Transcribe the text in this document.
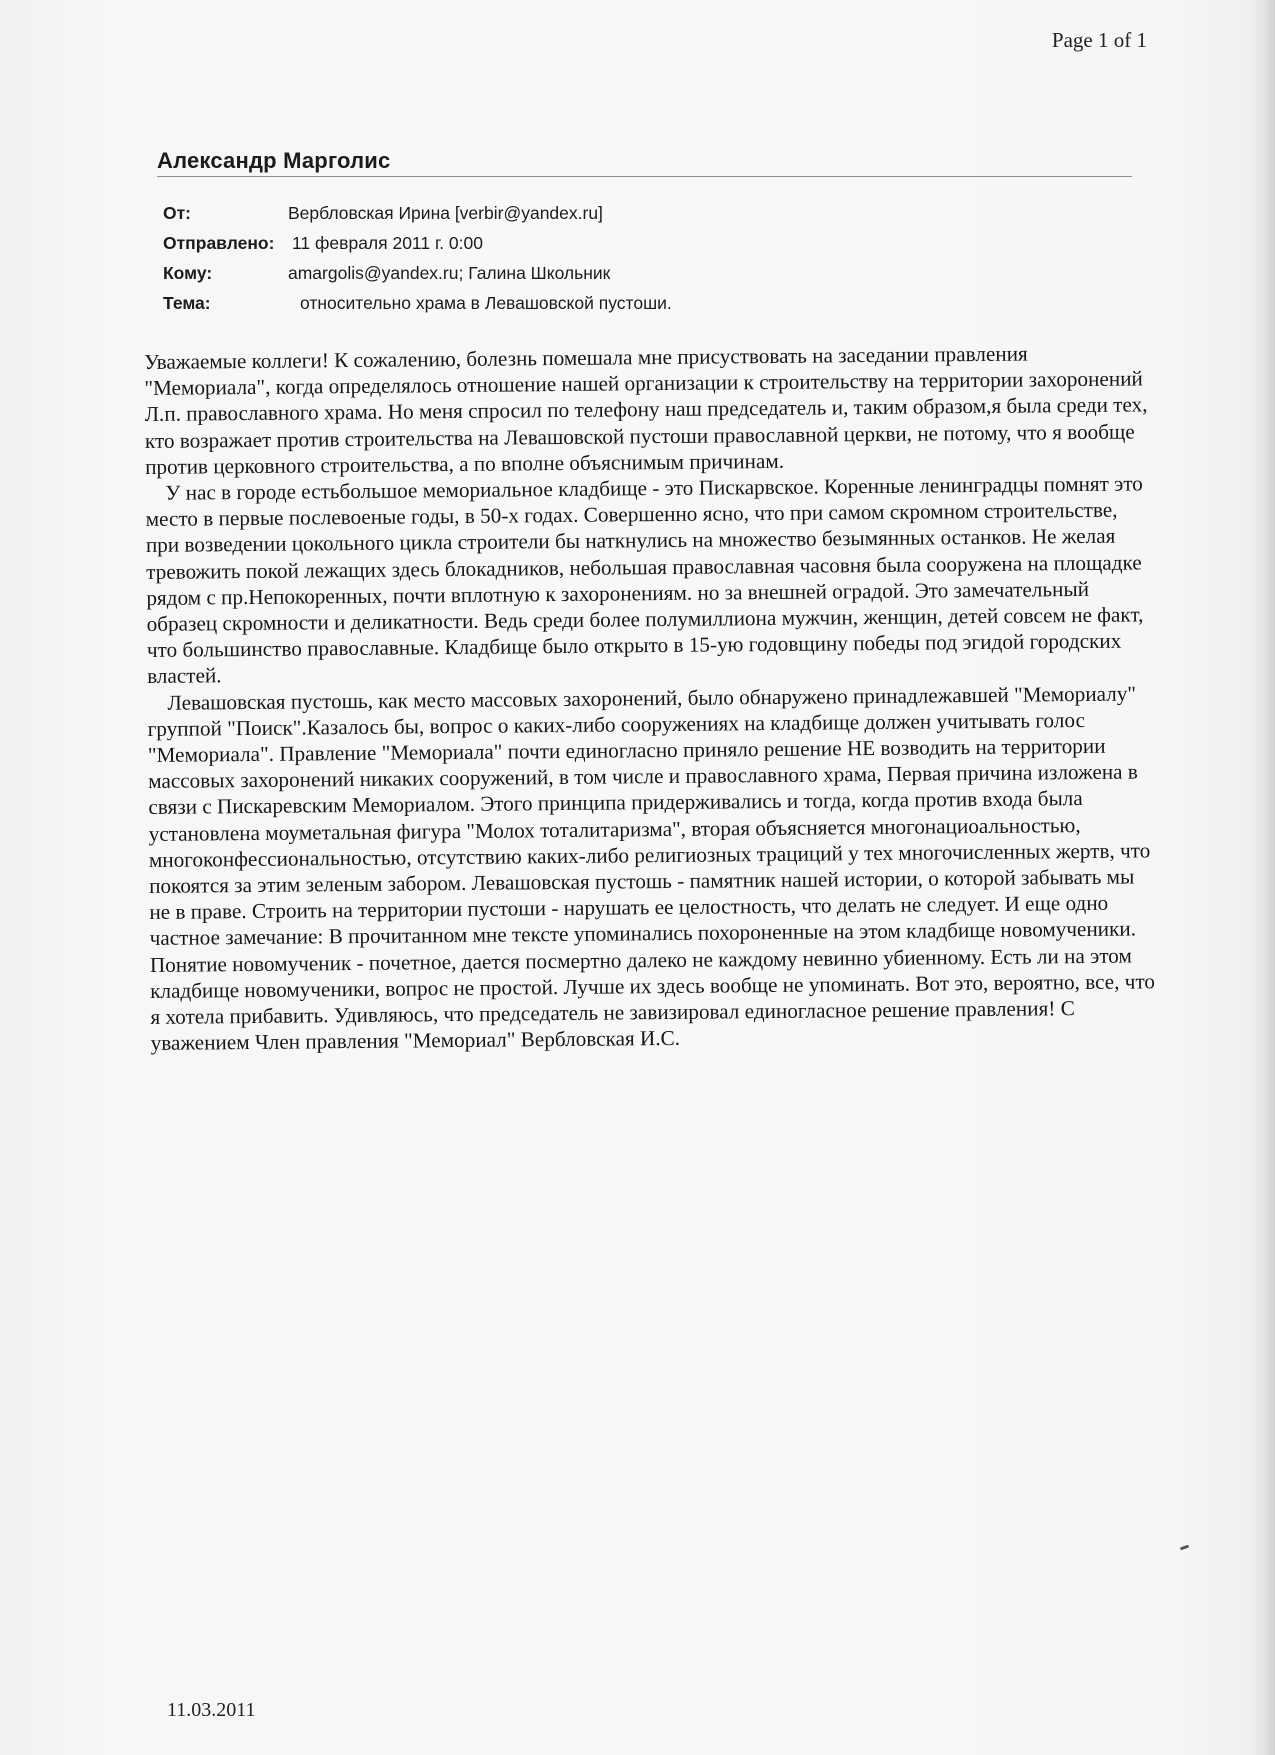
Page 1 of 1
Александр Марголис
От:	Вербловская Ирина [verbir@yandex.ru]
Отправлено: 11 февраля 2011 г. 0:00
Кому:	amargolis@yandex.ru; Галина Школьник
Тема:	относительно храма в Левашовской пустоши.

Уважаемые коллеги! К сожалению, болезнь помешала мне присуствовать на заседании правления "Мемориала", когда определялось отношение нашей организации к строительству на территории захоронений Л.п. православного храма. Но меня спросил по телефону наш председатель и, таким образом,я была среди тех, кто возражает против строительства на Левашовской пустоши православной церкви, не потому, что я вообще против церковного строительства, а по вполне объяснимым причинам.

У нас в городе естьбольшое мемориальное кладбище - это Пискарвское. Коренные ленинградцы помнят это место в первые послевоеные годы, в 50-х годах. Совершенно ясно, что при самом скромном строительстве, при возведении цокольного цикла строители бы наткнулись на множество безымянных останков. Не желая тревожить покой лежащих здесь блокадников, небольшая православная часовня была сооружена на площадке рядом с пр.Непокоренных, почти вплотную к захоронениям. но за внешней оградой. Это замечательный образец скромности и деликатности. Ведь среди более полумиллиона мужчин, женщин, детей совсем не факт, что большинство православные. Кладбище было открыто в 15-ую годовщину победы под эгидой городских властей.

Левашовская пустошь, как место массовых захоронений, было обнаружено принадлежавшей "Мемориалу" группой "Поиск".Казалось бы, вопрос о каких-либо сооружениях на кладбище должен учитывать голос "Мемориала". Правление "Мемориала" почти единогласно приняло решение НЕ возводить на территории массовых захоронений никаких сооружений, в том числе и православного храма, Первая причина изложена в связи с Пискаревским Мемориалом. Этого принципа придерживались и тогда, когда против входа была установлена моуметальная фигура "Молох тоталитаризма", вторая объясняется многонациоальностью, многоконфессиональностью, отсутствию каких-либо религиозных трациций у тех многочисленных жертв, что покоятся за этим зеленым забором. Левашовская пустошь - памятник нашей истории, о которой забывать мы не в праве. Строить на территории пустоши - нарушать ее целостность, что делать не следует. И еще одно частное замечание: В прочитанном мне тексте упоминались похороненные на этом кладбище новомученики. Понятие новомученик - почетное, дается посмертно далеко не каждому невинно убиенному. Есть ли на этом кладбище новомученики, вопрос не простой. Лучше их здесь вообще не упоминать. Вот это, вероятно, все, что я хотела прибавить. Удивляюсь, что председатель не завизировал единогласное решение правления! С уважением Член правления "Мемориал" Вербловская И.С.

11.03.2011
